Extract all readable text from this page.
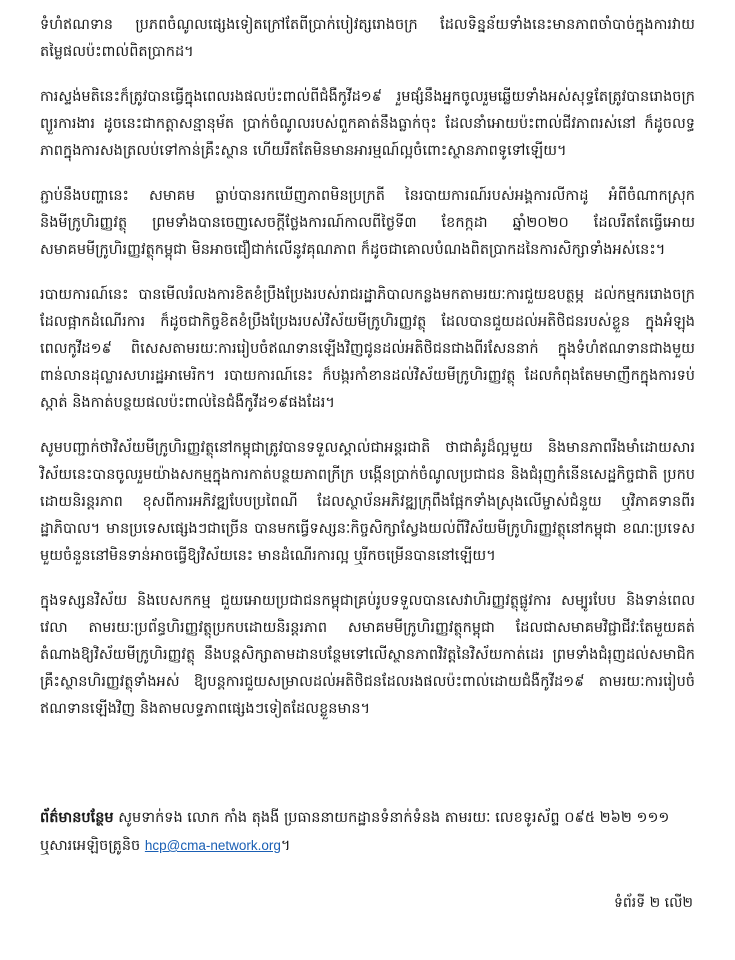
ទំហំឥណទាន ប្រភពចំណូលផ្សេងទៀតក្រៅតែពីប្រាក់បៀវត្សរោងចក្រ ដែលទិន្នន័យទាំងនេះមានភាពចាំបាច់ក្នុងការវាយតម្លៃផលប៉ះពាល់ពិតប្រាកដ។

ការស្ទង់មតិនេះក៏ត្រូវបានធ្វើក្នុងពេលរងផលប៉ះពាល់ពីជំងឺកូវីដ១៩ រួមផ្សំនឹងអ្នកចូលរួមឆ្លើយទាំងអស់សុទ្ធតែត្រូវបានរោងចក្រព្យួរការងារ ដូចនេះជាកត្តាសន្មានុម័ត ប្រាក់ចំណូលរបស់ពួកគាត់នឹងធ្លាក់ចុះ ដែលនាំអោយប៉ះពាល់ជីវភាពរស់នៅ ក៏ដូចលទ្ធភាពក្នុងការសងត្រលប់ទៅកាន់គ្រឹះស្ថាន ហើយរឹតតែមិនមានអារម្មណ៍ល្អចំពោះស្ថានភាពទូទៅឡើយ។

ភ្ជាប់នឹងបញ្ហានេះ សមាគម ធ្លាប់បានរកឃើញភាពមិនប្រក្រតី នៃរបាយការណ៍របស់អង្គការលីកាដូ អំពីចំណាកស្រុកនិងមីក្រូហិរញ្ញវត្ថុ ព្រមទាំងបានចេញសេចក្តីថ្លែងការណ៍កាលពីថ្ងៃទី៣ ខែកក្កដា ឆ្នាំ២០២០ ដែលរឹតតែធ្វើអោយសមាគមមីក្រូហិរញ្ញវត្ថុកម្ពុជា មិនអាចជឿជាក់លើនូវគុណភាព ក៏ដូចជាគោលបំណងពិតប្រាកដនៃការសិក្សាទាំងអស់នេះ។

របាយការណ៍នេះ បានមើលរំលងការខិតខំប្រឹងប្រែងរបស់រាជរដ្ឋាភិបាលកន្លងមកតាមរយៈការជួយឧបត្ថម្ភ ដល់កម្មកររោងចក្រដែលផ្អាកដំណើរការ ក៏ដូចជាកិច្ចខិតខំប្រឹងប្រែងរបស់វិស័យមីក្រូហិរញ្ញវត្ថុ ដែលបានជួយដល់អតិថិជនរបស់ខ្លួន ក្នុងអំឡុងពេលកូវីដ១៩ ពិសេសតាមរយៈការរៀបចំឥណទានឡើងវិញជូនដល់អតិថិជនជាងពីរសែននាក់ ក្នុងទំហំឥណទានជាងមួយពាន់លានដុល្លារសហរដ្ឋអាមេរិក។ របាយការណ៍នេះ ក៏បង្ករកាំខានដល់វិស័យមីក្រូហិរញ្ញវត្ថុ ដែលកំពុងតែមមាញឹកក្នុងការទប់ស្កាត់ និងកាត់បន្ថយផលប៉ះពាល់នៃជំងឺកូវីដ១៩ផងដែរ។

សូមបញ្ជាក់ថាវិស័យមីក្រូហិរញ្ញវត្ថុនៅកម្ពុជាត្រូវបានទទួលស្គាល់ជាអន្តរជាតិ ថាជាគំរូដ៏ល្អមួយ និងមានភាពរឹងមាំដោយសារវិស័យនេះបានចូលរួមយ៉ាងសកម្មក្នុងការកាត់បន្ថយភាពក្រីក្រ បង្កើនប្រាក់ចំណូលប្រជាជន និងជំរុញកំនើនសេដ្ឋកិច្ចជាតិ ប្រកបដោយនិរន្តរភាព ខុសពីការអភិវឌ្ឍបែបប្រពៃណី ដែលស្ថាប័នអភិវឌ្ឍក្រុពឹងផ្អែកទាំងស្រុងលើម្ចាស់ជំនួយ ឬវិភាគទានពីរដ្ឋាភិបាល។ មានប្រទេសផ្សេងៗជាច្រើន បានមកធ្វើទស្សនៈកិច្ចសិក្សាស្វែងយល់ពីវិស័យមីក្រូហិរញ្ញវត្ថុនៅកម្ពុជា ខណៈប្រទេសមួយចំនួននៅមិនទាន់អាចធ្វើឱ្យវិស័យនេះ មានដំណើរការល្អ ឬរីកចម្រើនបាននៅឡើយ។

ក្នុងទស្សនវិស័យ និងបេសកកម្ម ជួយអោយប្រជាជនកម្ពុជាគ្រប់រូបទទួលបានសេវាហិរញ្ញវត្ថុផ្លូវការ សម្បូរបែប និងទាន់ពេលវេលា តាមរយៈប្រព័ន្ធហិរញ្ញវត្ថុប្រកបដោយនិរន្តរភាព សមាគមមីក្រូហិរញ្ញវត្ថុកម្ពុជា ដែលជាសមាគមវិជ្ជាជីវៈតែមួយគត់តំណាងឱ្យវិស័យមីក្រូហិរញ្ញវត្ថុ នឹងបន្តសិក្សាតាមដានបន្ថែមទៅលើស្ថានភាពវិវត្តនៃវិស័យកាត់ដេរ ព្រមទាំងជំរុញដល់សមាជិកគ្រឹះស្ថានហិរញ្ញវត្ថុទាំងអស់ ឱ្យបន្តការជួយសម្រាលដល់អតិថិជនដែលរងផលប៉ះពាល់ដោយជំងឺកូវីដ១៩ តាមរយៈការរៀបចំឥណទានឡើងវិញ និងតាមលទ្ធភាពផ្សេងៗទៀតដែលខ្លួនមាន។

ព័ត៌មានបន្ថែម សូមទាក់ទង លោក កាំង តុងងី ប្រធាននាយកដ្ឋានទំនាក់ទំនង តាមរយៈ លេខទូរស័ព្ទ ០៩៥ ២៦២ ១១១ ឬសារអេឡិចត្រូនិច hcp@cma-network.org។
ទំព័រទី ២ លើ២
